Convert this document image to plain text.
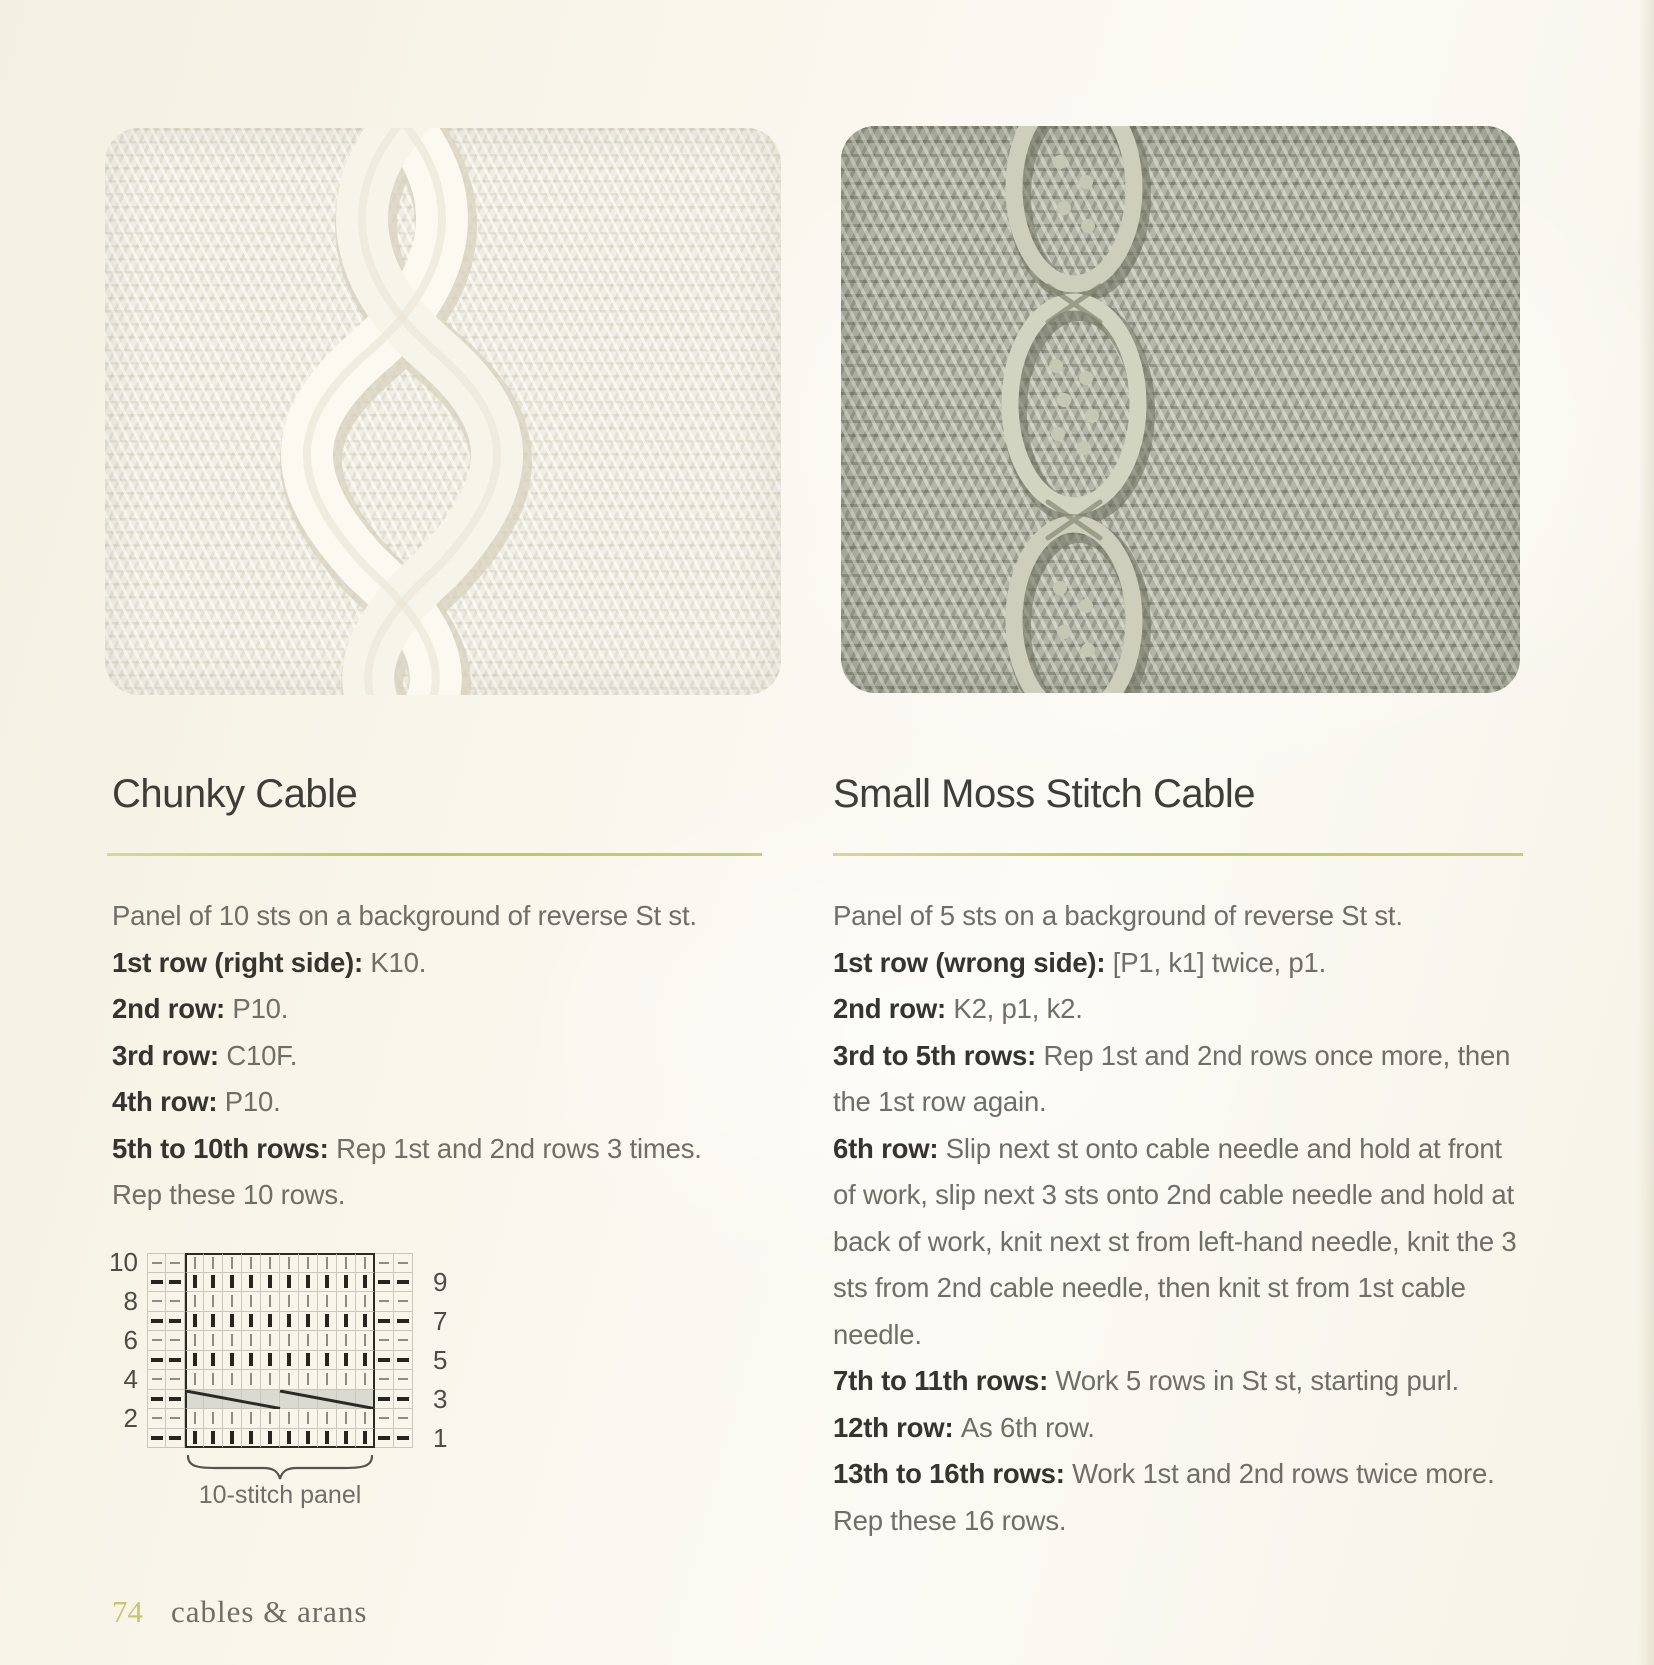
Chunky Cable	Small Moss Stitch Cable

Panel of 10 sts on a background of reverse St st.

1st row (right side): K10.

2nd row: P10.

3rd row: C10F.

4th row: P10.

5th to 10th rows: Rep 1st and 2nd rows 3 times.

Rep these 10 rows.

Panel of 5 sts on a background of reverse St st.

1st row (wrong side): [P1, k1] twice, p1.

2nd row: K2, p1, k2.

3rd to 5th rows: Rep 1st and 2nd rows once more, then the 1st row again.

6th row: Slip next st onto cable needle and hold at front of work, slip next 3 sts onto 2nd cable needle and hold at back of work, knit next st from left-hand needle, knit the 3 sts from 2nd cable needle, then knit st from 1st cable needle.

7th to 11th rows: Work 5 rows in St st, starting purl.

12th row: As 6th row.

13th to 16th rows: Work 1st and 2nd rows twice more.

Rep these 16 rows.

10
9
8
7
6
5
4
3
2
1
10-stitch panel
74 cables & arans
